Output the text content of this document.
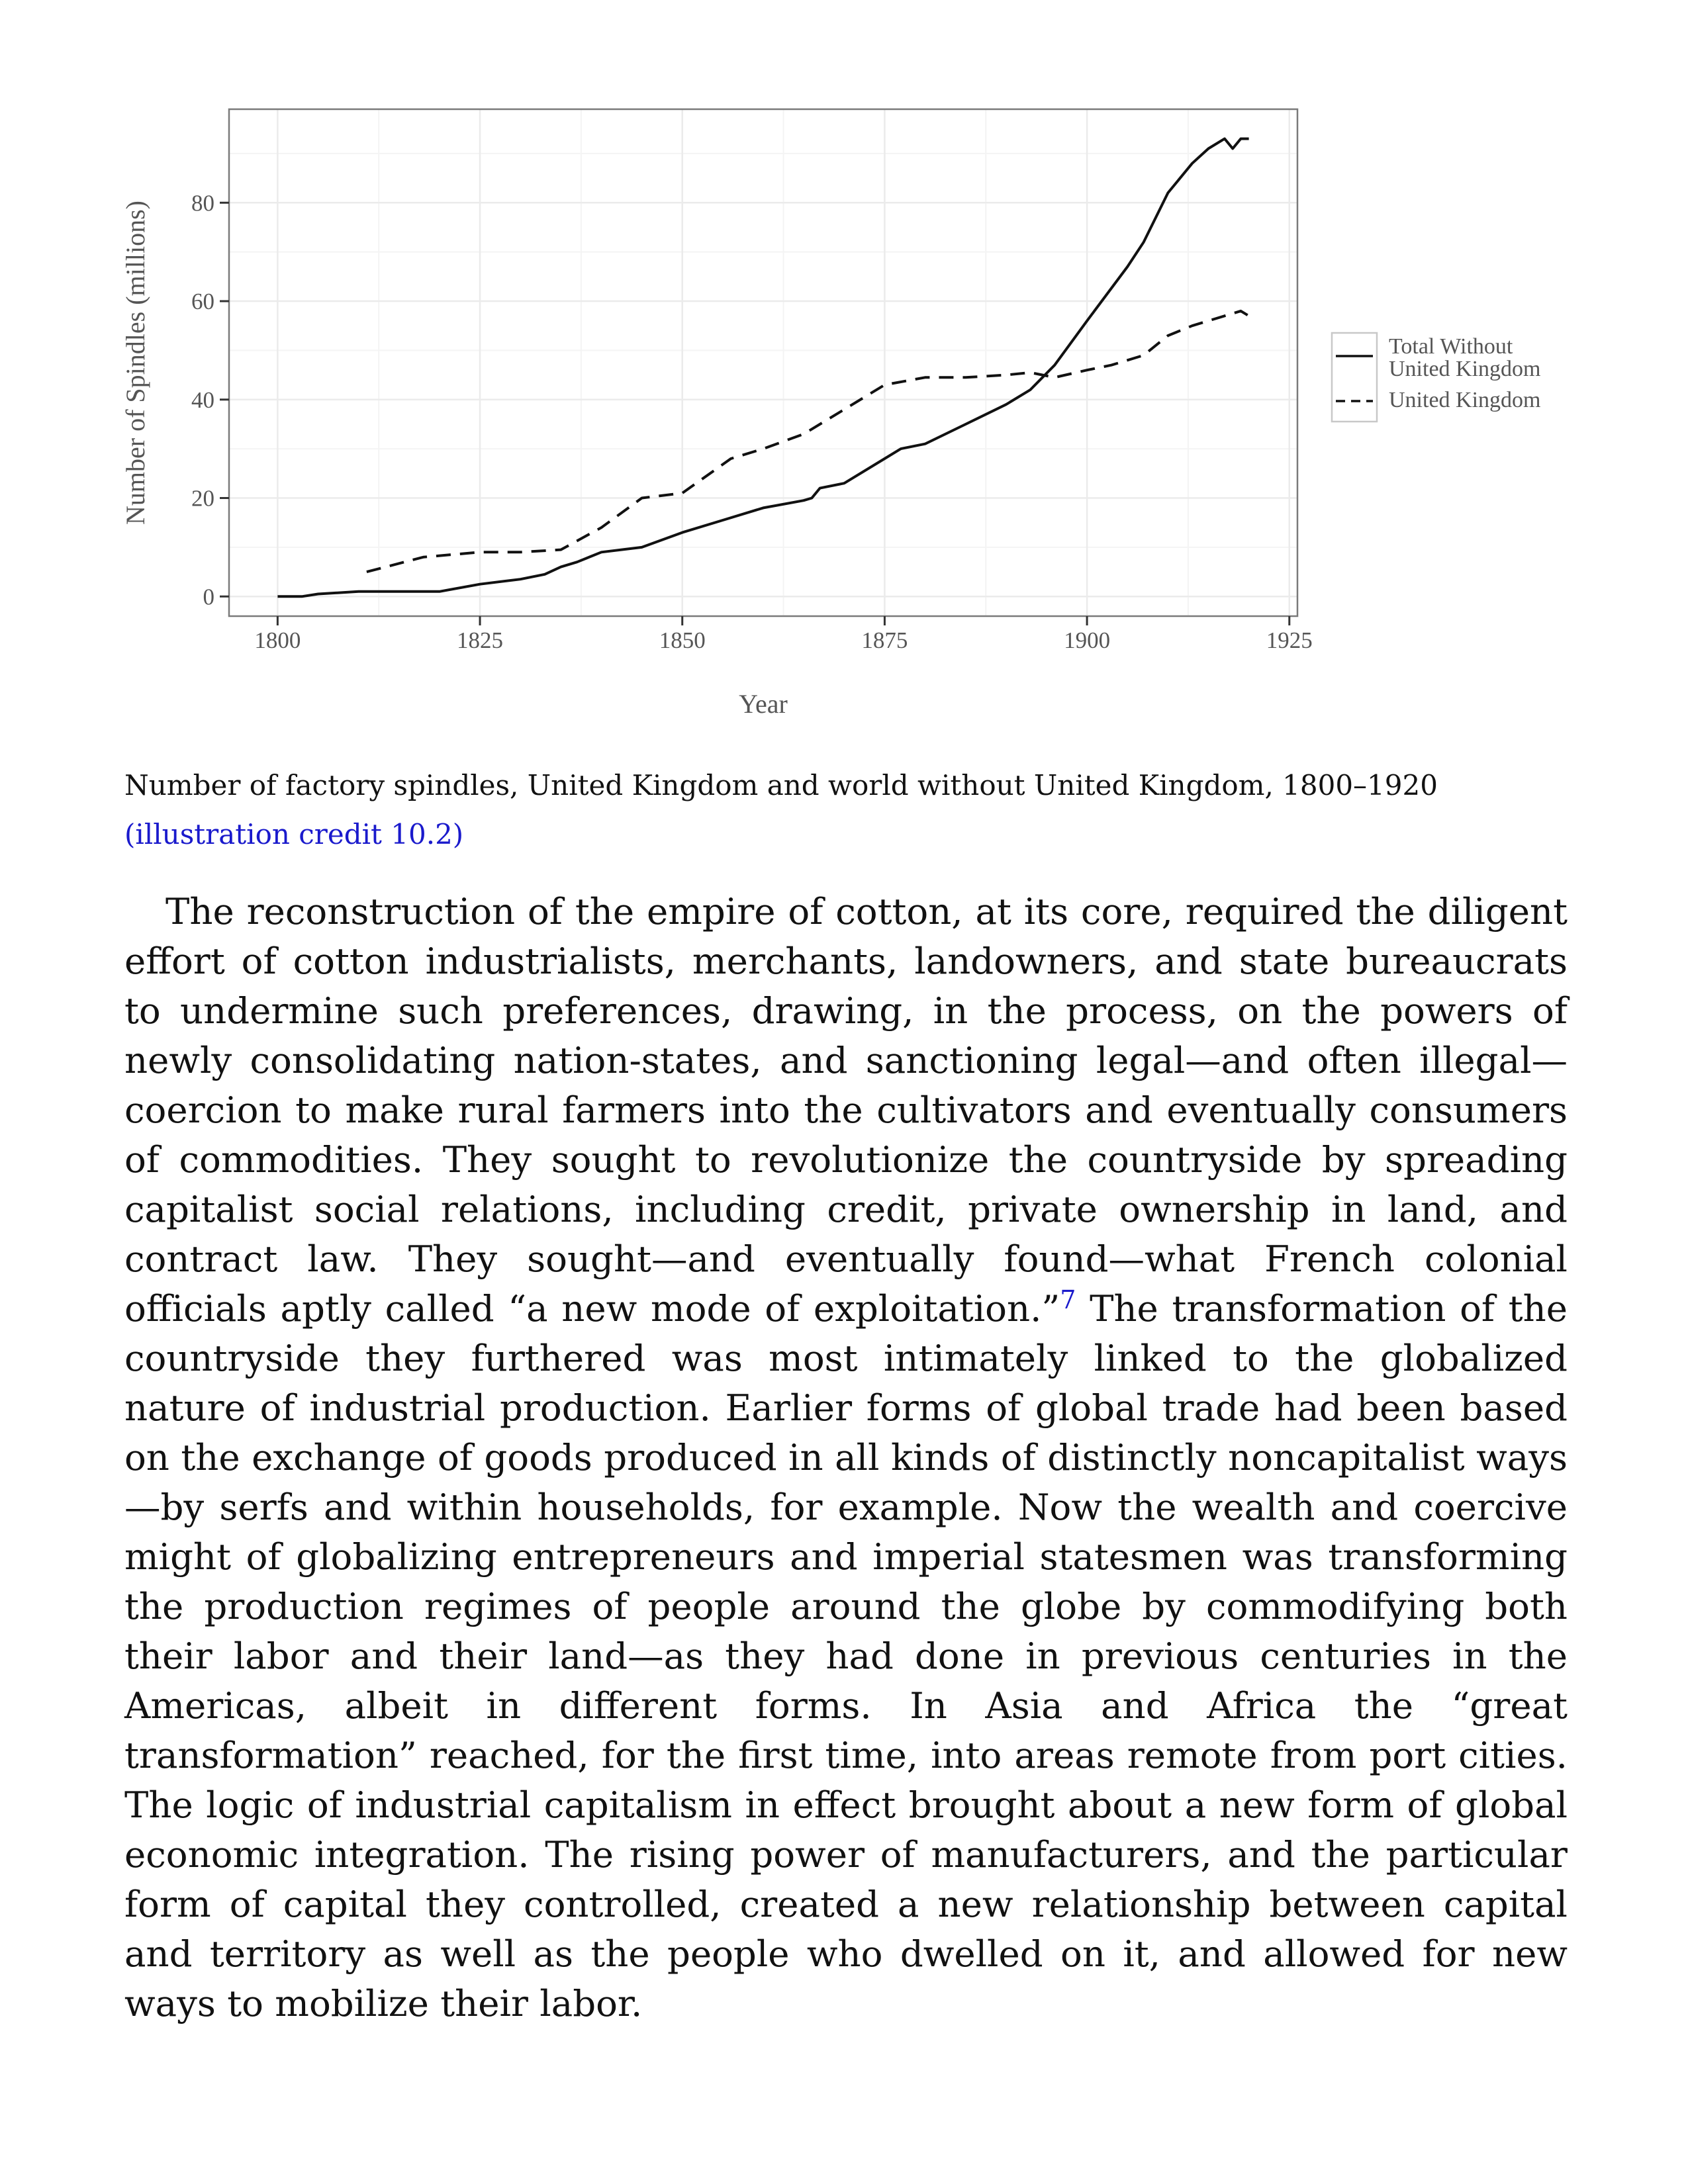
1800	1825	1850	1875	1900	1925
0
20
40
60
80
Year
Number of Spindles (millions)	Total Without United Kingdom
United Kingdom

Number of factory spindles, United Kingdom and world without United Kingdom, 1800–1920 (illustration credit 10.2)

The reconstruction of the empire of cotton, at its core, required the diligent effort of cotton industrialists, merchants, landowners, and state bureaucrats to undermine such preferences, drawing, in the process, on the powers of newly consolidating nation-states, and sanctioning legal—and often illegal—coercion to make rural farmers into the cultivators and eventually consumers of commodities. They sought to revolutionize the countryside by spreading capitalist social relations, including credit, private ownership in land, and contract law. They sought—and eventually found—what French colonial officials aptly called “a new mode of exploitation.”$^7$ The transformation of the countryside they furthered was most intimately linked to the globalized nature of industrial production. Earlier forms of global trade had been based on the exchange of goods produced in all kinds of distinctly noncapitalist ways—by serfs and within households, for example. Now the wealth and coercive might of globalizing entrepreneurs and imperial statesmen was transforming the production regimes of people around the globe by commodifying both their labor and their land—as they had done in previous centuries in the Americas, albeit in different forms. In Asia and Africa the “great transformation” reached, for the first time, into areas remote from port cities. The logic of industrial capitalism in effect brought about a new form of global economic integration. The rising power of manufacturers, and the particular form of capital they controlled, created a new relationship between capital and territory as well as the people who dwelled on it, and allowed for new ways to mobilize their labor.
